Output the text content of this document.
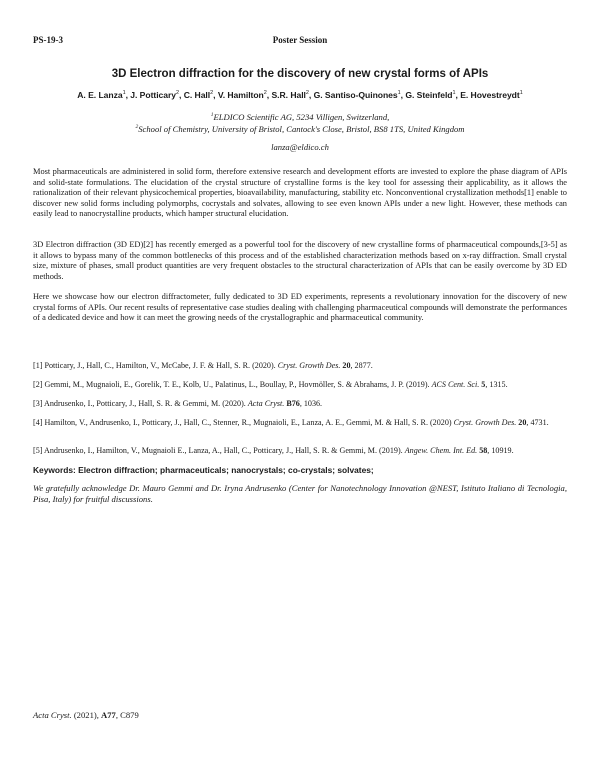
PS-19-3	Poster Session
3D Electron diffraction for the discovery of new crystal forms of APIs
A. E. Lanza$^1$, J. Potticary$^2$, C. Hall$^2$, V. Hamilton$^2$, S.R. Hall$^2$, G. Santiso-Quinones$^1$, G. Steinfeld$^1$, E. Hovestreydt$^1$
$^1$ELDICO Scientific AG, 5234 Villigen, Switzerland,
$^2$School of Chemistry, University of Bristol, Cantock's Close, Bristol, BS8 1TS, United Kingdom
lanza@eldico.ch
Most pharmaceuticals are administered in solid form, therefore extensive research and development efforts are invested to explore the phase diagram of APIs and solid-state formulations. The elucidation of the crystal structure of crystalline forms is the key tool for assessing their applicability, as it allows the rationalization of their relevant physicochemical properties, bioavailability, manufacturing, stability etc. Nonconventional crystallization methods[1] enable to discover new solid forms including polymorphs, cocrystals and solvates, allowing to see even known APIs under a new light. However, these methods can easily lead to nanocrystalline products, which hamper structural elucidation.
3D Electron diffraction (3D ED)[2] has recently emerged as a powerful tool for the discovery of new crystalline forms of pharmaceutical compounds,[3-5] as it allows to bypass many of the common bottlenecks of this process and of the established characterization methods based on x-ray diffraction. Small crystal size, mixture of phases, small product quantities are very frequent obstacles to the structural characterization of APIs that can be easily overcome by 3D ED methods.
Here we showcase how our electron diffractometer, fully dedicated to 3D ED experiments, represents a revolutionary innovation for the discovery of new crystal forms of APIs. Our recent results of representative case studies dealing with challenging pharmaceutical compounds will demonstrate the performances of a dedicated device and how it can meet the growing needs of the crystallographic and pharmaceutical community.
[1] Potticary, J., Hall, C., Hamilton, V., McCabe, J. F. & Hall, S. R. (2020). Cryst. Growth Des. 20, 2877.
[2] Gemmi, M., Mugnaioli, E., Gorelik, T. E., Kolb, U., Palatinus, L., Boullay, P., Hovmöller, S. & Abrahams, J. P. (2019). ACS Cent. Sci. 5, 1315.
[3] Andrusenko, I., Potticary, J., Hall, S. R. & Gemmi, M. (2020). Acta Cryst. B76, 1036.
[4] Hamilton, V., Andrusenko, I., Potticary, J., Hall, C., Stenner, R., Mugnaioli, E., Lanza, A. E., Gemmi, M. & Hall, S. R. (2020) Cryst. Growth Des. 20, 4731.
[5] Andrusenko, I., Hamilton, V., Mugnaioli E., Lanza, A., Hall, C., Potticary, J., Hall, S. R. & Gemmi, M. (2019). Angew. Chem. Int. Ed. 58, 10919.
Keywords: Electron diffraction; pharmaceuticals; nanocrystals; co-crystals; solvates;
We gratefully acknowledge Dr. Mauro Gemmi and Dr. Iryna Andrusenko (Center for Nanotechnology Innovation @NEST, Istituto Italiano di Tecnologia, Pisa, Italy) for fruitful discussions.
Acta Cryst. (2021), A77, C879
